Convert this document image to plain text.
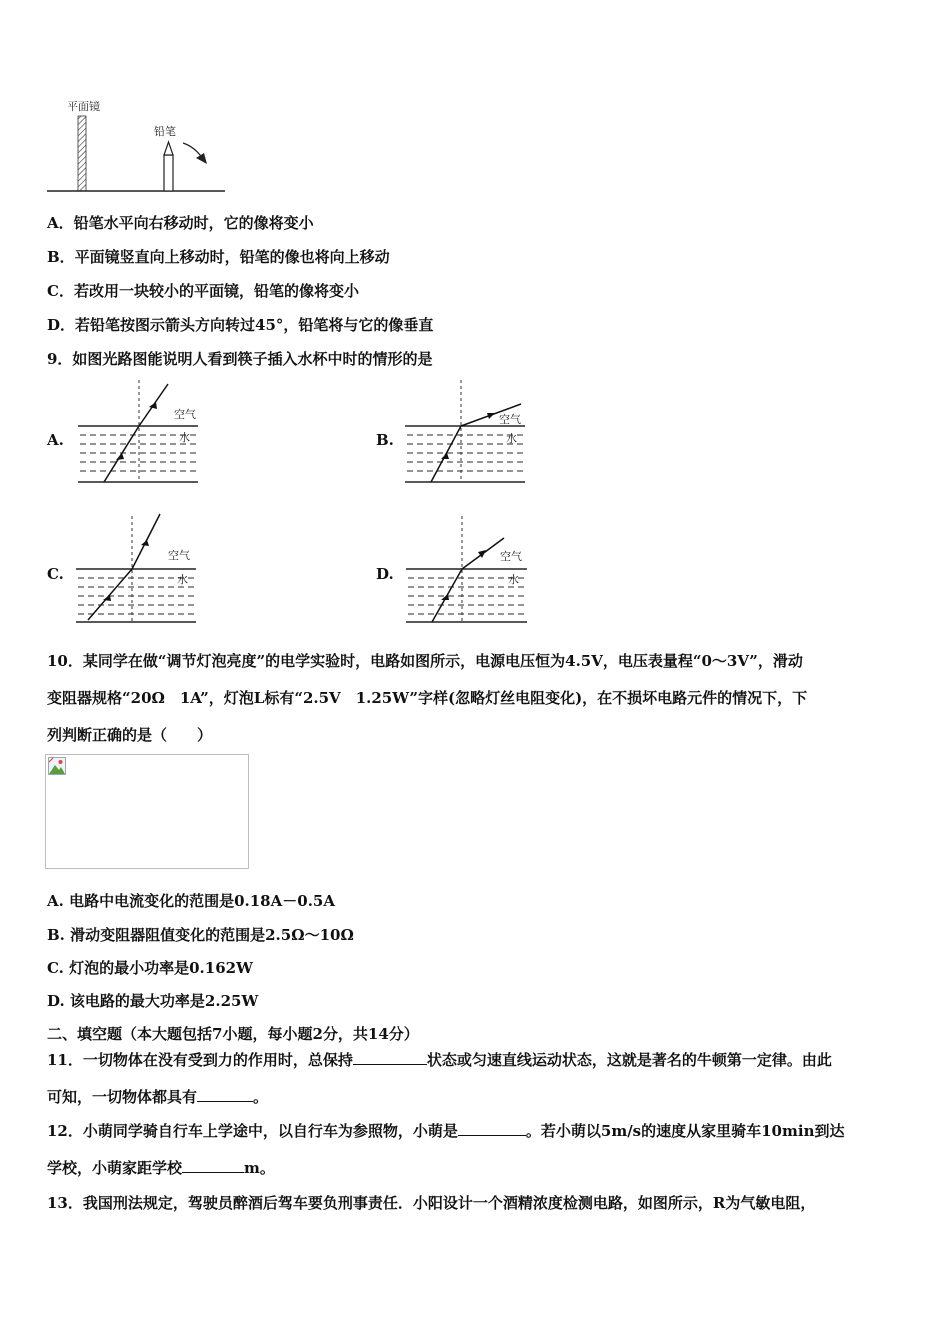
平面镜
铅笔
A．铅笔水平向右移动时，它的像将变小
B．平面镜竖直向上移动时，铅笔的像也将向上移动
C．若改用一块较小的平面镜，铅笔的像将变小
D．若铅笔按图示箭头方向转过45°，铅笔将与它的像垂直
9．如图光路图能说明人看到筷子插入水杯中时的情形的是
A.
空气
水	B.
空气
水
C.
空气
水	D.
空气
水
10．某同学在做“调节灯泡亮度”的电学实验时，电路如图所示，电源电压恒为4.5V，电压表量程“0～3V”，滑动
变阻器规格“20Ω　1A”，灯泡L标有“2.5V　1.25W”字样(忽略灯丝电阻变化)，在不损坏电路元件的情况下，下
列判断正确的是（　　）
A. 电路中电流变化的范围是0.18A－0.5A
B. 滑动变阻器阻值变化的范围是2.5Ω～10Ω
C. 灯泡的最小功率是0.162W
D. 该电路的最大功率是2.25W
二、填空题（本大题包括7小题，每小题2分，共14分）
11．一切物体在没有受到力的作用时，总保持	状态或匀速直线运动状态，这就是著名的牛顿第一定律。由此
可知，一切物体都具有	。
12．小萌同学骑自行车上学途中，以自行车为参照物，小萌是	。若小萌以5m/s的速度从家里骑车10min到达
学校，小萌家距学校	m。
13．我国刑法规定，驾驶员醉酒后驾车要负刑事责任．小阳设计一个酒精浓度检测电路，如图所示，R为气敏电阻，
